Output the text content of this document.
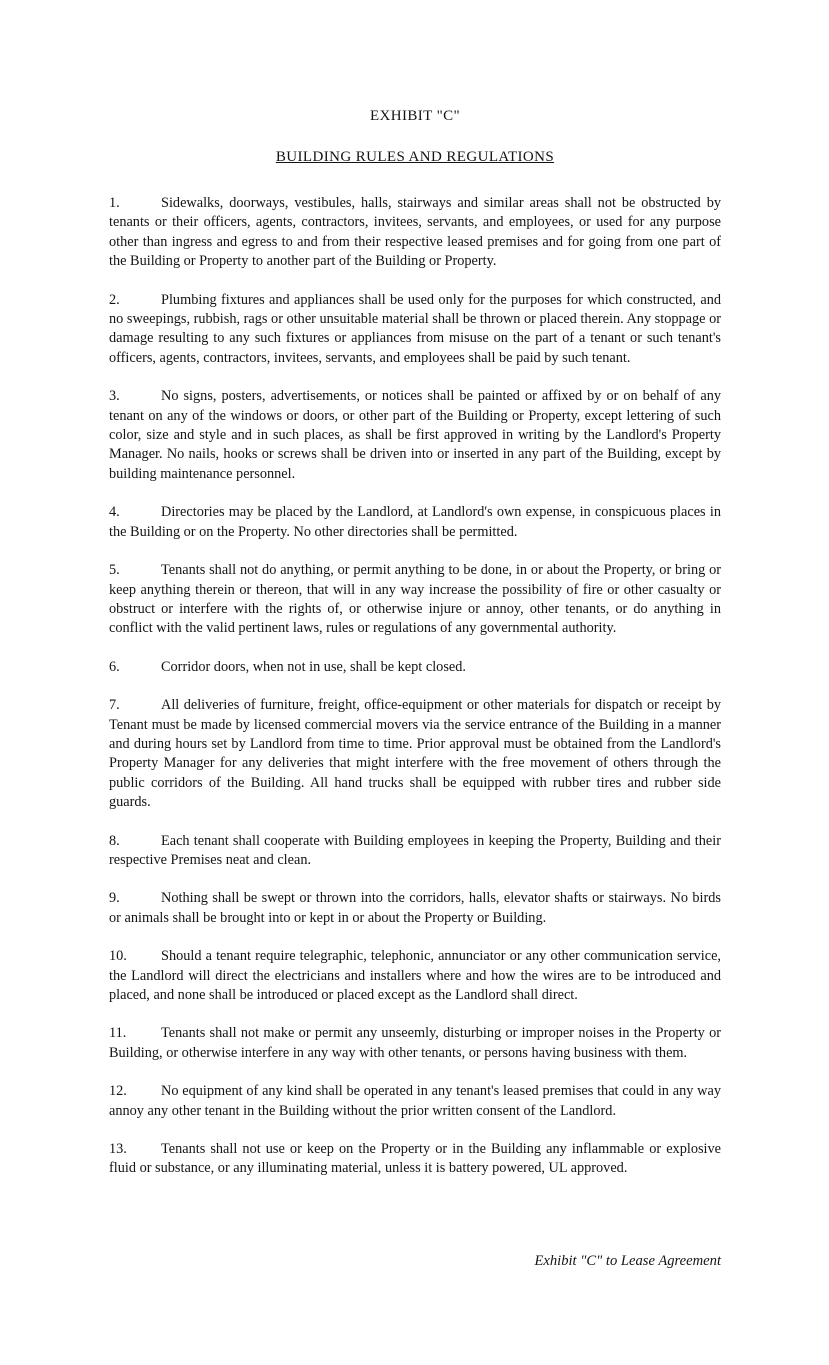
EXHIBIT "C"
BUILDING RULES AND REGULATIONS

1.	Sidewalks, doorways, vestibules, halls, stairways and similar areas shall not be obstructed by tenants or their officers, agents, contractors, invitees, servants, and employees, or used for any purpose other than ingress and egress to and from their respective leased premises and for going from one part of the Building or Property to another part of the Building or Property.

2.	Plumbing fixtures and appliances shall be used only for the purposes for which constructed, and no sweepings, rubbish, rags or other unsuitable material shall be thrown or placed therein. Any stoppage or damage resulting to any such fixtures or appliances from misuse on the part of a tenant or such tenant's officers, agents, contractors, invitees, servants, and employees shall be paid by such tenant.

3.	No signs, posters, advertisements, or notices shall be painted or affixed by or on behalf of any tenant on any of the windows or doors, or other part of the Building or Property, except lettering of such color, size and style and in such places, as shall be first approved in writing by the Landlord's Property Manager. No nails, hooks or screws shall be driven into or inserted in any part of the Building, except by building maintenance personnel.

4.	Directories may be placed by the Landlord, at Landlord's own expense, in conspicuous places in the Building or on the Property. No other directories shall be permitted.

5.	Tenants shall not do anything, or permit anything to be done, in or about the Property, or bring or keep anything therein or thereon, that will in any way increase the possibility of fire or other casualty or obstruct or interfere with the rights of, or otherwise injure or annoy, other tenants, or do anything in conflict with the valid pertinent laws, rules or regulations of any governmental authority.

6.	Corridor doors, when not in use, shall be kept closed.

7.	All deliveries of furniture, freight, office-equipment or other materials for dispatch or receipt by Tenant must be made by licensed commercial movers via the service entrance of the Building in a manner and during hours set by Landlord from time to time. Prior approval must be obtained from the Landlord's Property Manager for any deliveries that might interfere with the free movement of others through the public corridors of the Building. All hand trucks shall be equipped with rubber tires and rubber side guards.

8.	Each tenant shall cooperate with Building employees in keeping the Property, Building and their respective Premises neat and clean.

9.	Nothing shall be swept or thrown into the corridors, halls, elevator shafts or stairways. No birds or animals shall be brought into or kept in or about the Property or Building.

10. Should a tenant require telegraphic, telephonic, annunciator or any other communication service, the Landlord will direct the electricians and installers where and how the wires are to be introduced and placed, and none shall be introduced or placed except as the Landlord shall direct.

11. Tenants shall not make or permit any unseemly, disturbing or improper noises in the Property or Building, or otherwise interfere in any way with other tenants, or persons having business with them.

12. No equipment of any kind shall be operated in any tenant's leased premises that could in any way annoy any other tenant in the Building without the prior written consent of the Landlord.

13. Tenants shall not use or keep on the Property or in the Building any inflammable or explosive fluid or substance, or any illuminating material, unless it is battery powered, UL approved.

Exhibit "C" to Lease Agreement
